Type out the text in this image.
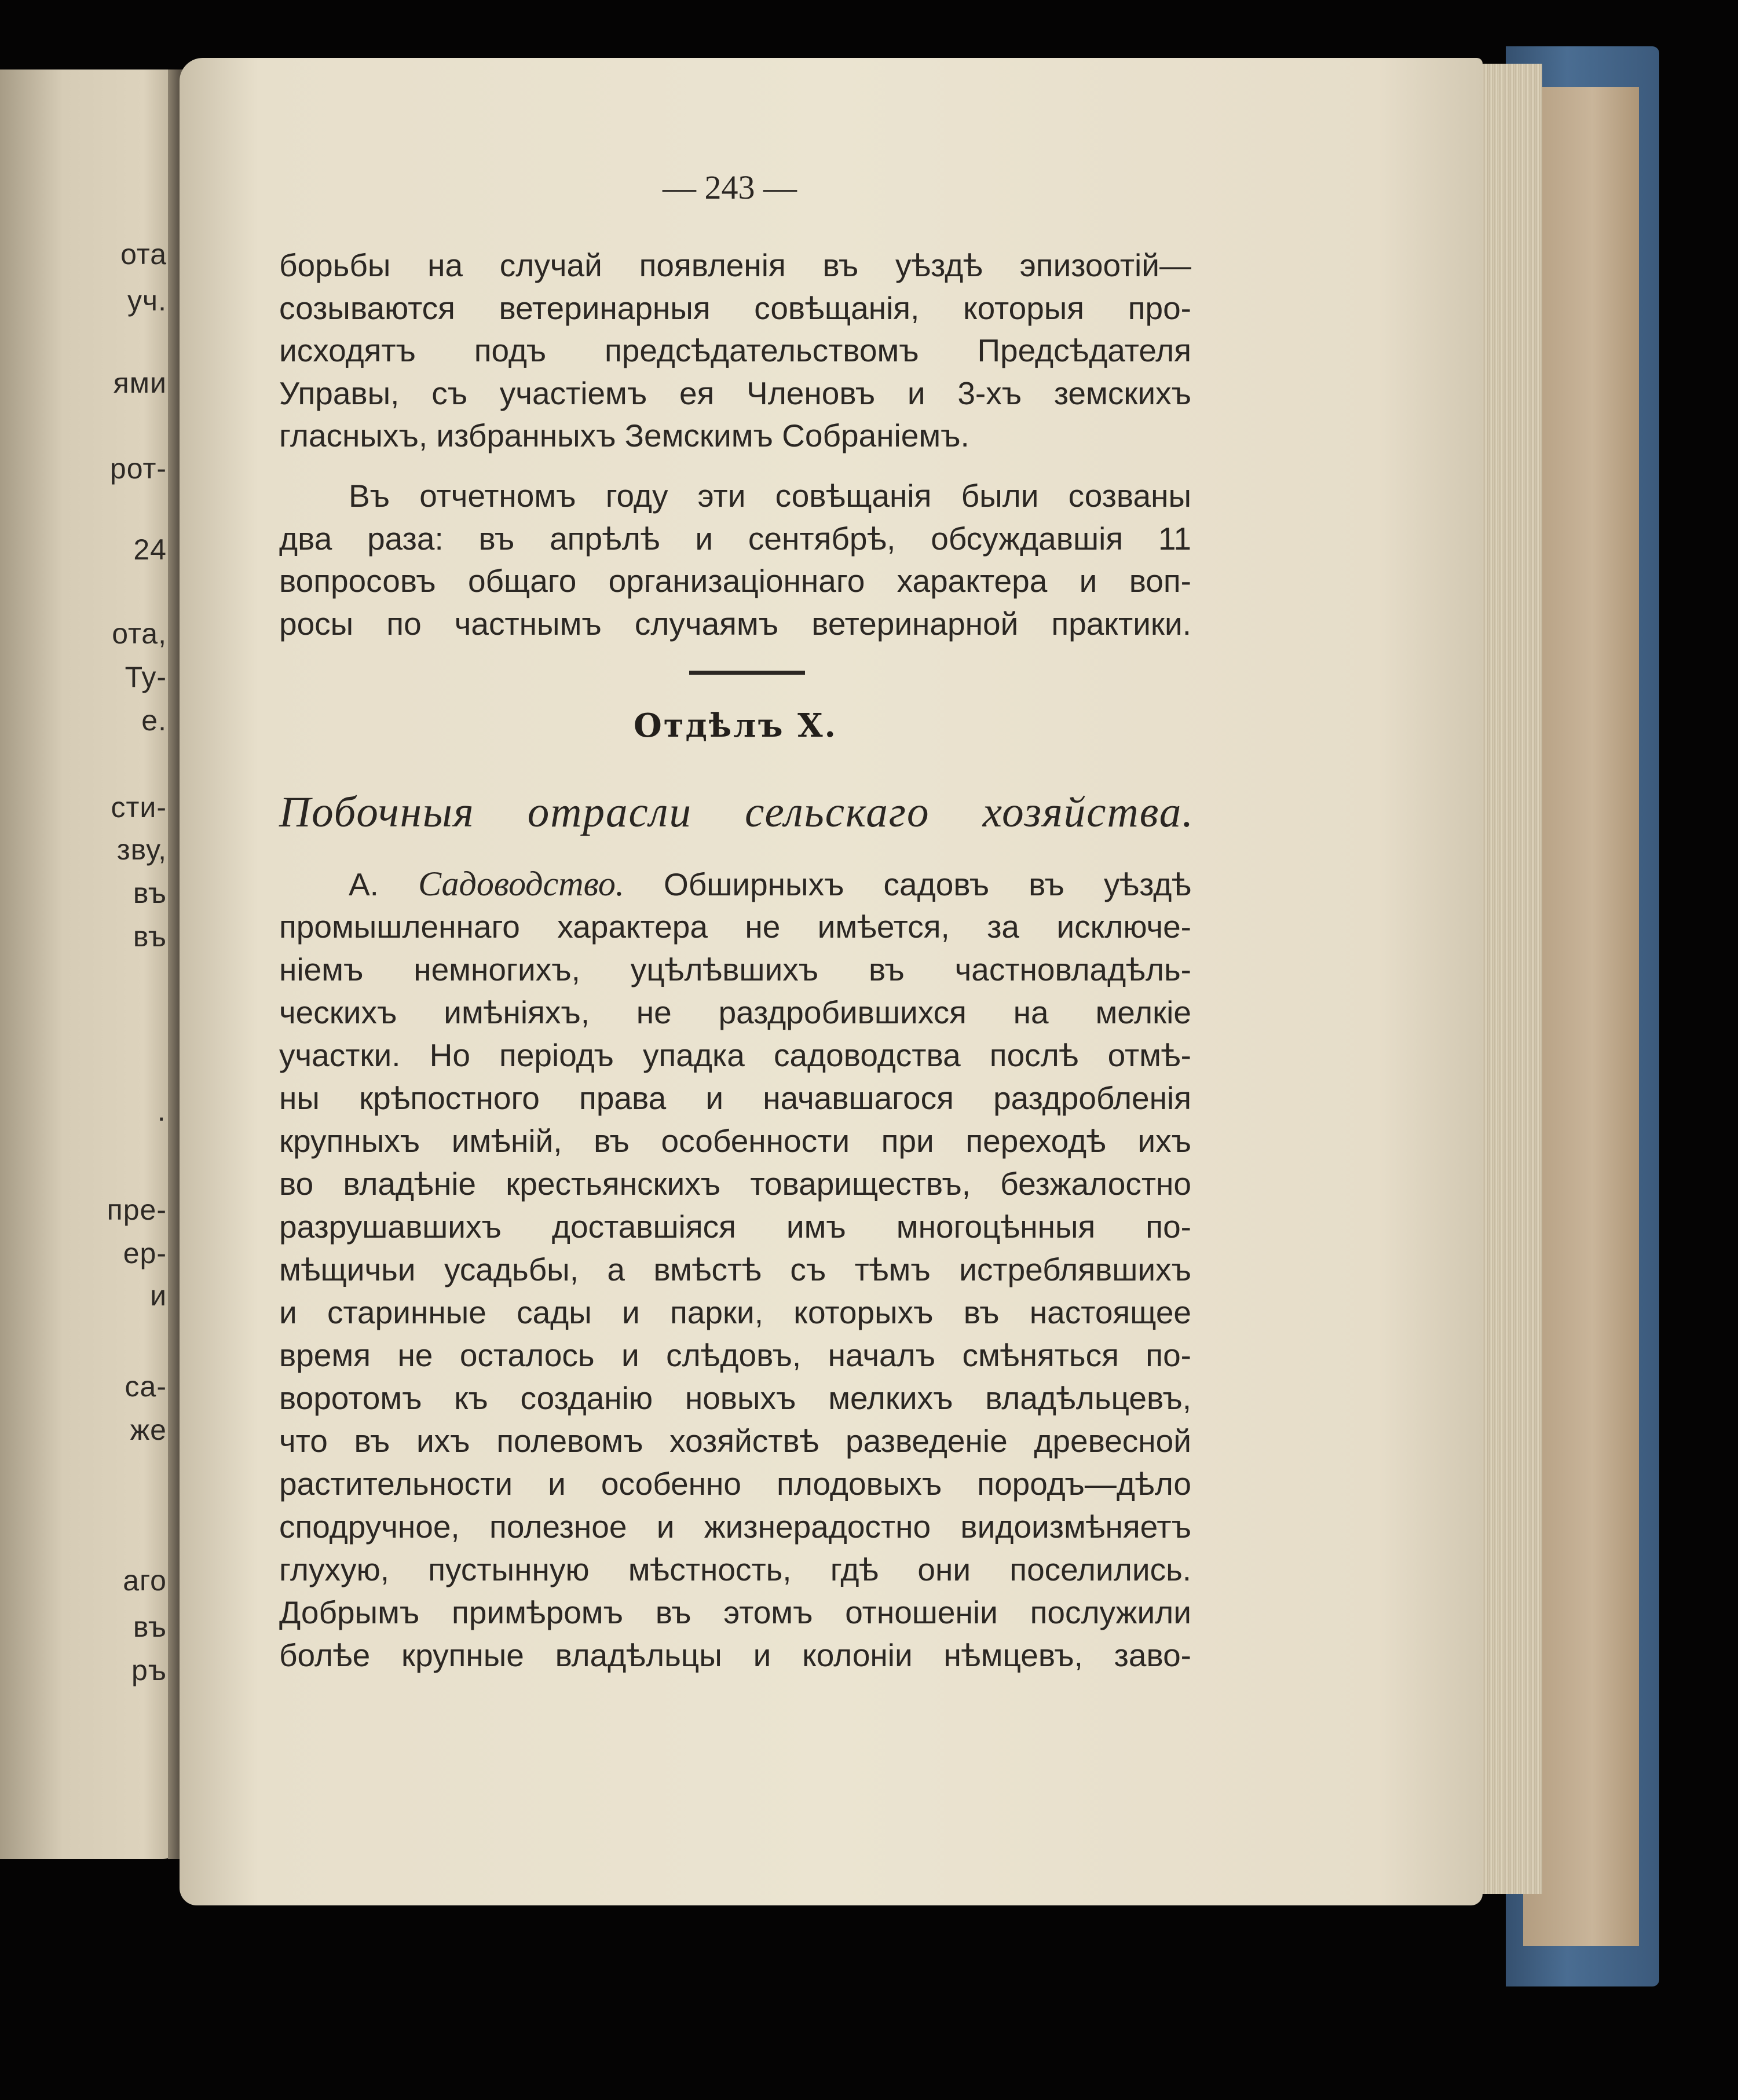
ота
уч.
ями
рот-
24
ота,
Ту-
е.
сти-
зву,
въ
въ
·
пре-
ер-
и
са-
же
аго
въ
ръ
— 243 —
борьбы на случай появленія въ уѣздѣ эпизоотій—
созываются ветеринарныя совѣщанія, которыя про-
исходятъ подъ предсѣдательствомъ Предсѣдателя
Управы, съ участіемъ ея Членовъ и 3-хъ земскихъ
гласныхъ, избранныхъ Земскимъ Собраніемъ.
Въ отчетномъ году эти совѣщанія были созваны
два раза: въ апрѣлѣ и сентябрѣ, обсуждавшія 11
вопросовъ общаго организаціоннаго характера и воп-
росы по частнымъ случаямъ ветеринарной практики.
Отдѣлъ X.
Побочныя отрасли сельскаго хозяйства.
А. Садоводство. Обширныхъ садовъ въ уѣздѣ
промышленнаго характера не имѣется, за исключе-
ніемъ немногихъ, уцѣлѣвшихъ въ частновладѣль-
ческихъ имѣніяхъ, не раздробившихся на мелкіе
участки. Но періодъ упадка садоводства послѣ отмѣ-
ны крѣпостного права и начавшагося раздробленія
крупныхъ имѣній, въ особенности при переходѣ ихъ
во владѣніе крестьянскихъ товариществъ, безжалостно
разрушавшихъ доставшіяся имъ многоцѣнныя по-
мѣщичьи усадьбы, а вмѣстѣ съ тѣмъ истреблявшихъ
и старинные сады и парки, которыхъ въ настоящее
время не осталось и слѣдовъ, началъ смѣняться по-
воротомъ къ созданію новыхъ мелкихъ владѣльцевъ,
что въ ихъ полевомъ хозяйствѣ разведеніе древесной
растительности и особенно плодовыхъ породъ—дѣло
сподручное, полезное и жизнерадостно видоизмѣняетъ
глухую, пустынную мѣстность, гдѣ они поселились.
Добрымъ примѣромъ въ этомъ отношеніи послужили
болѣе крупные владѣльцы и колоніи нѣмцевъ, заво-
